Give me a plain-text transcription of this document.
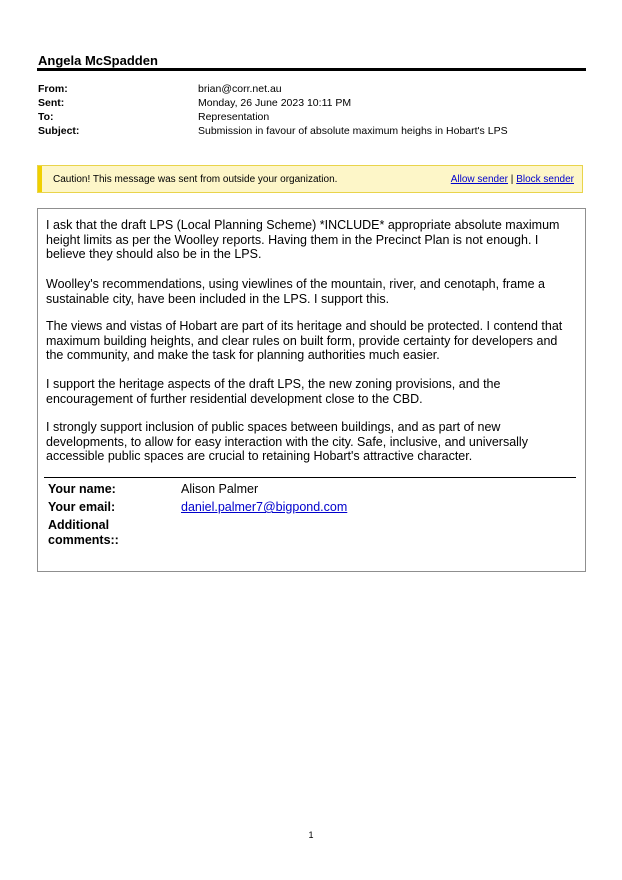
Angela McSpadden
From:	brian@corr.net.au
Sent:	Monday, 26 June 2023 10:11 PM
To:	Representation
Subject:	Submission in favour of absolute maximum heighs in Hobart's LPS
Caution! This message was sent from outside your organization.	Allow sender | Block sender

I ask that the draft LPS (Local Planning Scheme) *INCLUDE* appropriate absolute maximum height limits as per the Woolley reports. Having them in the Precinct Plan is not enough. I believe they should also be in the LPS.

Woolley's recommendations, using viewlines of the mountain, river, and cenotaph, frame a sustainable city, have been included in the LPS. I support this.

The views and vistas of Hobart are part of its heritage and should be protected. I contend that maximum building heights, and clear rules on built form, provide certainty for developers and the community, and make the task for planning authorities much easier.

I support the heritage aspects of the draft LPS, the new zoning provisions, and the encouragement of further residential development close to the CBD.

I strongly support inclusion of public spaces between buildings, and as part of new developments, to allow for easy interaction with the city. Safe, inclusive, and universally accessible public spaces are crucial to retaining Hobart's attractive character.

Your name:	Alison Palmer
Your email:	daniel.palmer7@bigpond.com
Additional comments::
1
